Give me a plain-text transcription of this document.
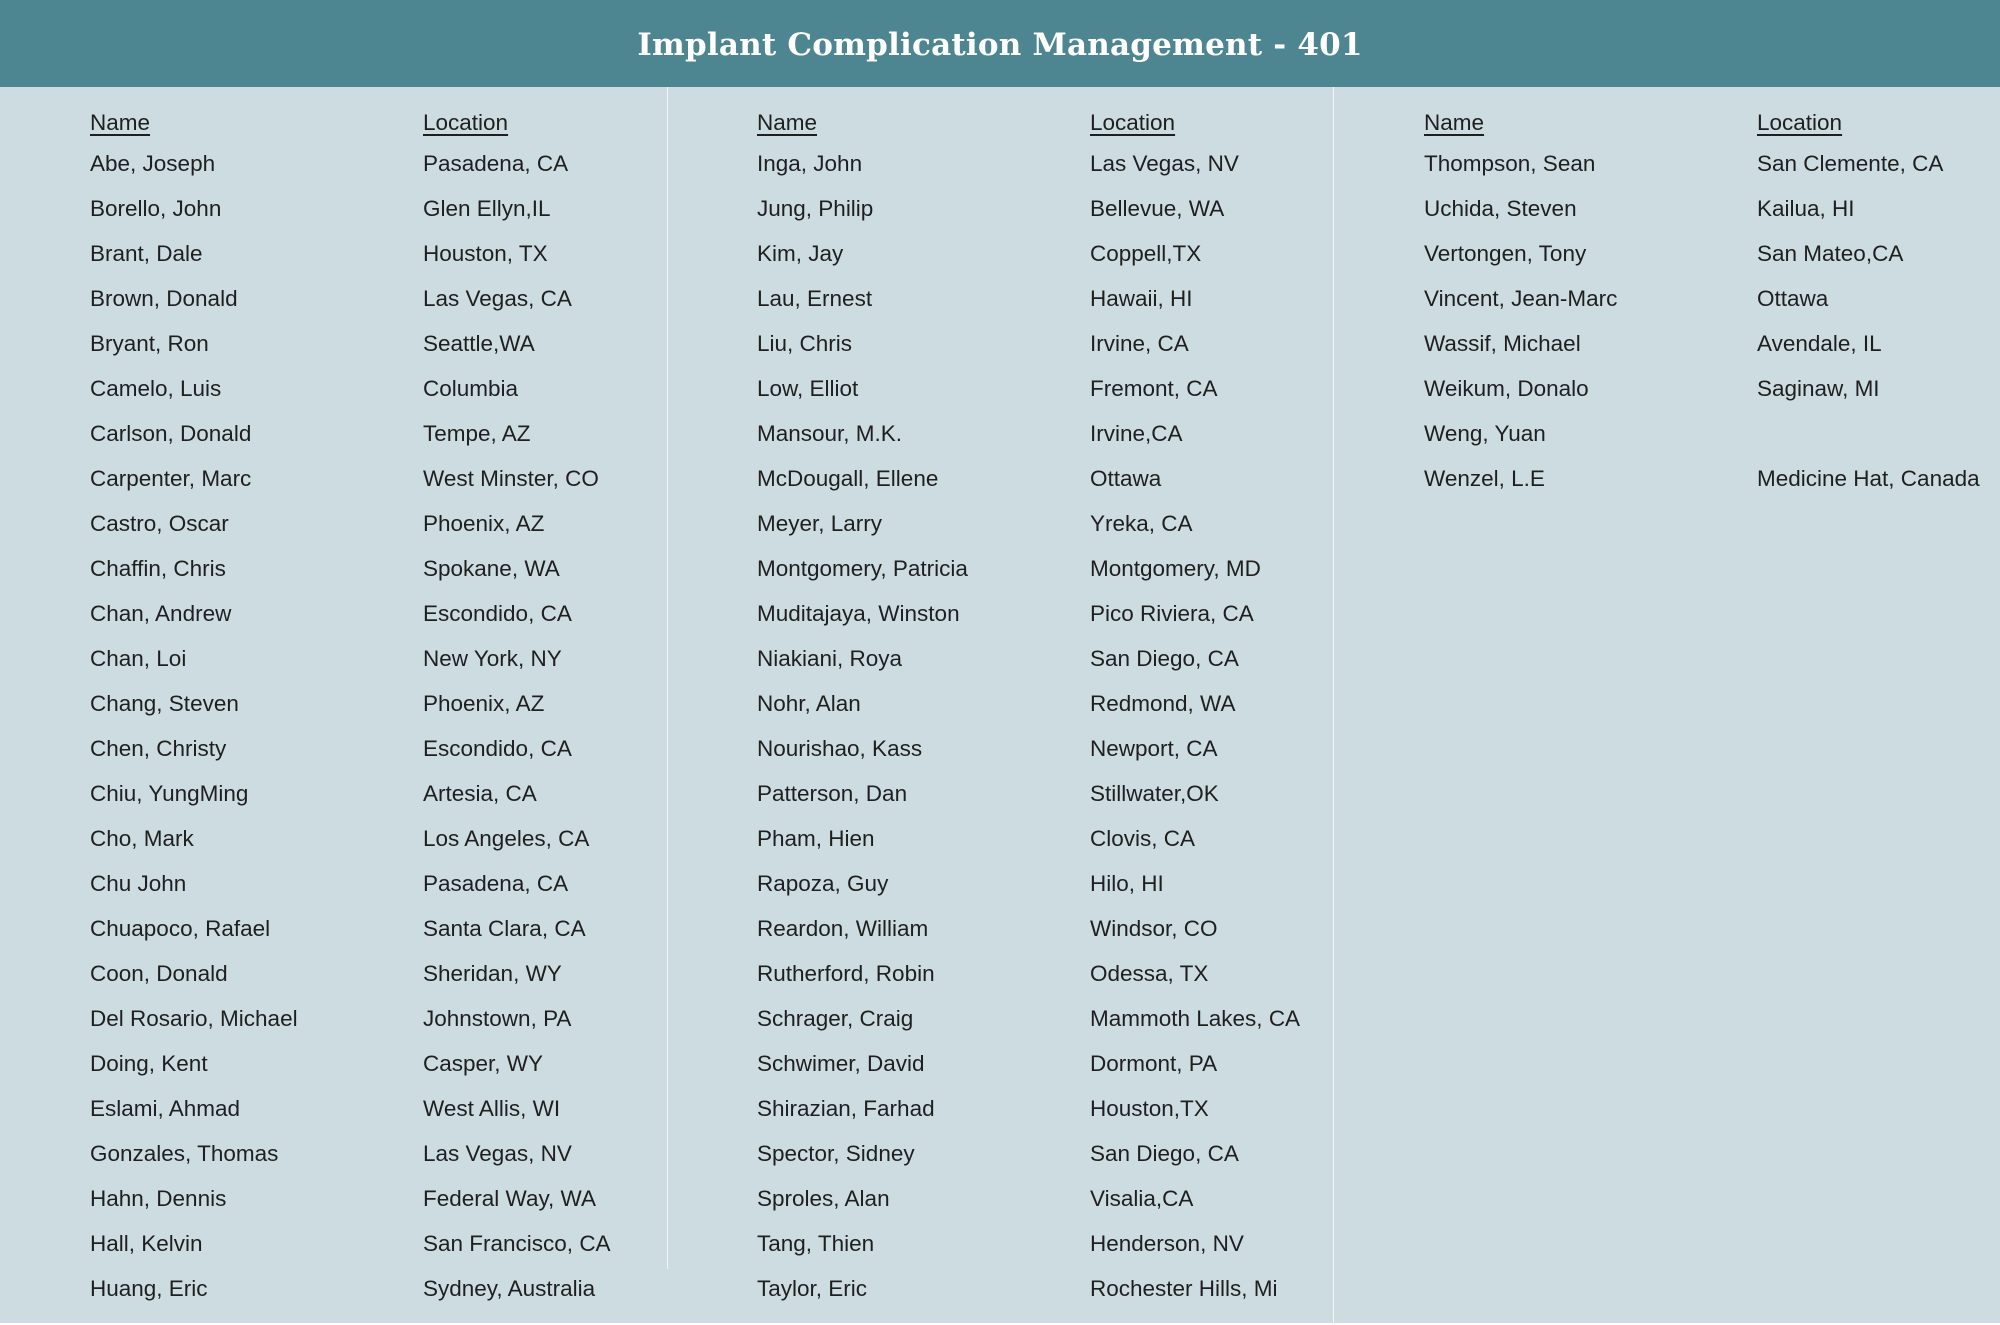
Implant Complication Management - 401
Name	Location
Abe, Joseph	Pasadena, CA
Borello, John	Glen Ellyn,IL
Brant, Dale	Houston, TX
Brown, Donald	Las Vegas, CA
Bryant, Ron	Seattle,WA
Camelo, Luis	Columbia
Carlson, Donald	Tempe, AZ
Carpenter, Marc	West Minster, CO
Castro, Oscar	Phoenix, AZ
Chaffin, Chris	Spokane, WA
Chan, Andrew	Escondido, CA
Chan, Loi	New York, NY
Chang, Steven	Phoenix, AZ
Chen, Christy	Escondido, CA
Chiu, YungMing	Artesia, CA
Cho, Mark	Los Angeles, CA
Chu John	Pasadena, CA
Chuapoco, Rafael	Santa Clara, CA
Coon, Donald	Sheridan, WY
Del Rosario, Michael	Johnstown, PA
Doing, Kent	Casper, WY
Eslami, Ahmad	West Allis, WI
Gonzales, Thomas	Las Vegas, NV
Hahn, Dennis	Federal Way, WA
Hall, Kelvin	San Francisco, CA
Huang, Eric	Sydney, Australia
Name	Location
Inga, John	Las Vegas, NV
Jung, Philip	Bellevue, WA
Kim, Jay	Coppell,TX
Lau, Ernest	Hawaii, HI
Liu, Chris	Irvine, CA
Low, Elliot	Fremont, CA
Mansour, M.K.	Irvine,CA
McDougall, Ellene	Ottawa
Meyer, Larry	Yreka, CA
Montgomery, Patricia	Montgomery, MD
Muditajaya, Winston	Pico Riviera, CA
Niakiani, Roya	San Diego, CA
Nohr, Alan	Redmond, WA
Nourishao, Kass	Newport, CA
Patterson, Dan	Stillwater,OK
Pham, Hien	Clovis, CA
Rapoza, Guy	Hilo, HI
Reardon, William	Windsor, CO
Rutherford, Robin	Odessa, TX
Schrager, Craig	Mammoth Lakes, CA
Schwimer, David	Dormont, PA
Shirazian, Farhad	Houston,TX
Spector, Sidney	San Diego, CA
Sproles, Alan	Visalia,CA
Tang, Thien	Henderson, NV
Taylor, Eric	Rochester Hills, Mi
Name	Location
Thompson, Sean	San Clemente, CA
Uchida, Steven	Kailua, HI
Vertongen, Tony	San Mateo,CA
Vincent, Jean-Marc	Ottawa
Wassif, Michael	Avendale, IL
Weikum, Donalo	Saginaw, MI
Weng, Yuan
Wenzel, L.E	Medicine Hat, Canada
